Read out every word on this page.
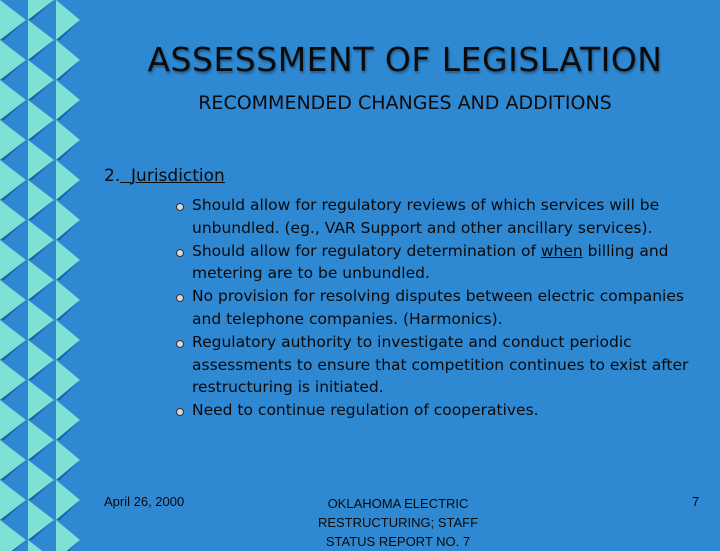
ASSESSMENT OF LEGISLATION
RECOMMENDED CHANGES AND ADDITIONS
2. Jurisdiction
Should allow for regulatory reviews of which services will be unbundled. (eg., VAR Support and other ancillary services).
Should allow for regulatory determination of when billing and metering are to be unbundled.
No provision for resolving disputes between electric companies and telephone companies. (Harmonics).
Regulatory authority to investigate and conduct periodic assessments to ensure that competition continues to exist after restructuring is initiated.
Need to continue regulation of cooperatives.
April 26, 2000	OKLAHOMA ELECTRIC RESTRUCTURING; STAFF STATUS REPORT NO. 7
7
